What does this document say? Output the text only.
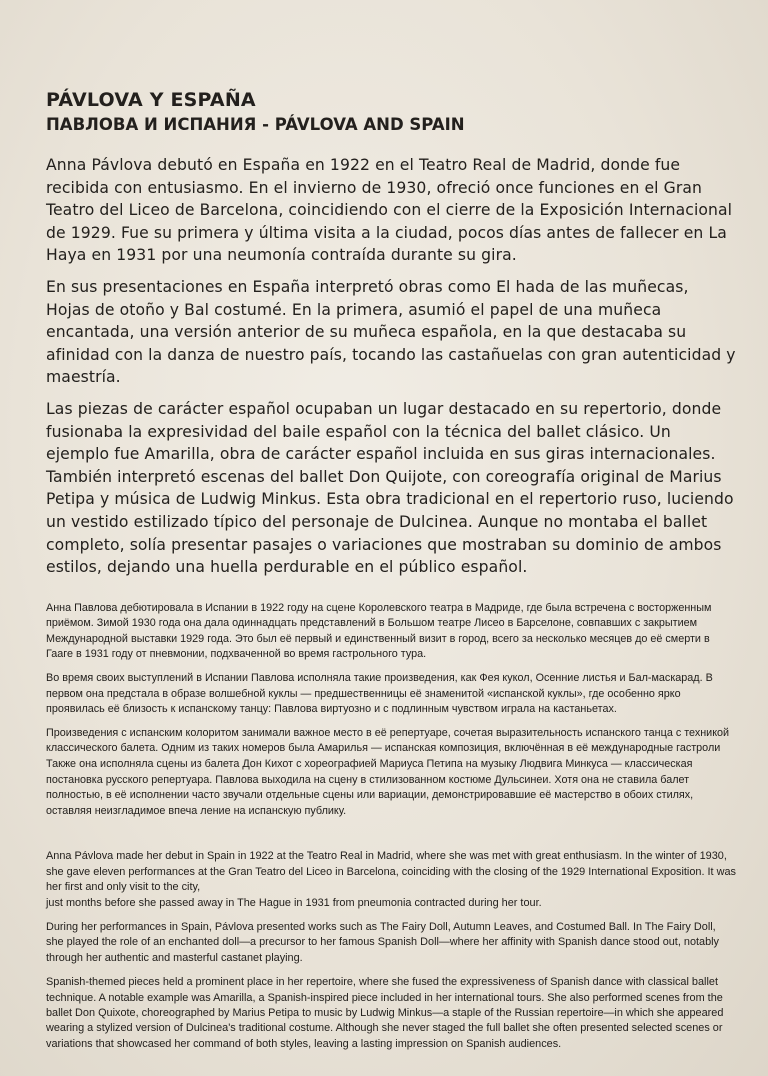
PÁVLOVA Y ESPAÑA
ПАВЛОВА И ИСПАНИЯ - PÁVLOVA AND SPAIN

Anna Pávlova debutó en España en 1922 en el Teatro Real de Madrid, donde fue recibida con entusiasmo. En el invierno de 1930, ofreció once funciones en el Gran Teatro del Liceo de Barcelona, coincidiendo con el cierre de la Exposición Internacional de 1929. Fue su primera y última visita a la ciudad, pocos días antes de fallecer en La Haya en 1931 por una neumonía contraída durante su gira.

En sus presentaciones en España interpretó obras como El hada de las muñecas, Hojas de otoño y Bal costumé. En la primera, asumió el papel de una muñeca encantada, una versión anterior de su muñeca española, en la que destacaba su afinidad con la danza de nuestro país, tocando las castañuelas con gran autenticidad y maestría.

Las piezas de carácter español ocupaban un lugar destacado en su repertorio, donde fusionaba la expresividad del baile español con la técnica del ballet clásico. Un ejemplo fue Amarilla, obra de carácter español incluida en sus giras internacionales. También interpretó escenas del ballet Don Quijote, con coreografía original de Marius Petipa y música de Ludwig Minkus. Esta obra tradicional en el repertorio ruso, luciendo un vestido estilizado típico del personaje de Dulcinea. Aunque no montaba el ballet completo, solía presentar pasajes o variaciones que mostraban su dominio de ambos estilos, dejando una huella perdurable en el público español.

Анна Павлова дебютировала в Испании в 1922 году на сцене Королевского театра в Мадриде, где была встречена с восторженным приёмом. Зимой 1930 года она дала одиннадцать представлений в Большом театре Лисео в Барселоне, совпавших с закрытием Международной выставки 1929 года. Это был её первый и единственный визит в город, всего за несколько месяцев до её смерти в Гааге в 1931 году от пневмонии, подхваченной во время гастрольного тура.

Во время своих выступлений в Испании Павлова исполняла такие произведения, как Фея кукол, Осенние листья и Бал-маскарад. В первом она предстала в образе волшебной куклы — предшественницы её знаменитой «испанской куклы», где особенно ярко проявилась её близость к испанскому танцу: Павлова виртуозно и с подлинным чувством играла на кастаньетах.

Произведения с испанским колоритом занимали важное место в её репертуаре, сочетая выразительность испанского танца с техникой классического балета. Одним из таких номеров была Амарилья — испанская композиция, включённая в её международные гастроли Также она исполняла сцены из балета Дон Кихот с хореографией Мариуса Петипа на музыку Людвига Минкуса — классическая постановка русского репертуара. Павлова выходила на сцену в стилизованном костюме Дульсинеи. Хотя она не ставила балет полностью, в её исполнении часто звучали отдельные сцены или вариации, демонстрировавшие её мастерство в обоих стилях, оставляя неизгладимое впеча ление на испанскую публику.

Anna Pávlova made her debut in Spain in 1922 at the Teatro Real in Madrid, where she was met with great enthusiasm. In the winter of 1930, she gave eleven performances at the Gran Teatro del Liceo in Barcelona, coinciding with the closing of the 1929 International Exposition. It was her first and only visit to the city,

just months before she passed away in The Hague in 1931 from pneumonia contracted during her tour.

During her performances in Spain, Pávlova presented works such as The Fairy Doll, Autumn Leaves, and Costumed Ball. In The Fairy Doll, she played the role of an enchanted doll—a precursor to her famous Spanish Doll—where her affinity with Spanish dance stood out, notably through her authentic and masterful castanet playing.

Spanish-themed pieces held a prominent place in her repertoire, where she fused the expressiveness of Spanish dance with classical ballet technique. A notable example was Amarilla, a Spanish-inspired piece included in her international tours. She also performed scenes from the ballet Don Quixote, choreographed by Marius Petipa to music by Ludwig Minkus—a staple of the Russian repertoire—in which she appeared wearing a stylized version of Dulcinea's traditional costume. Although she never staged the full ballet she often presented selected scenes or variations that showcased her command of both styles, leaving a lasting impression on Spanish audiences.
